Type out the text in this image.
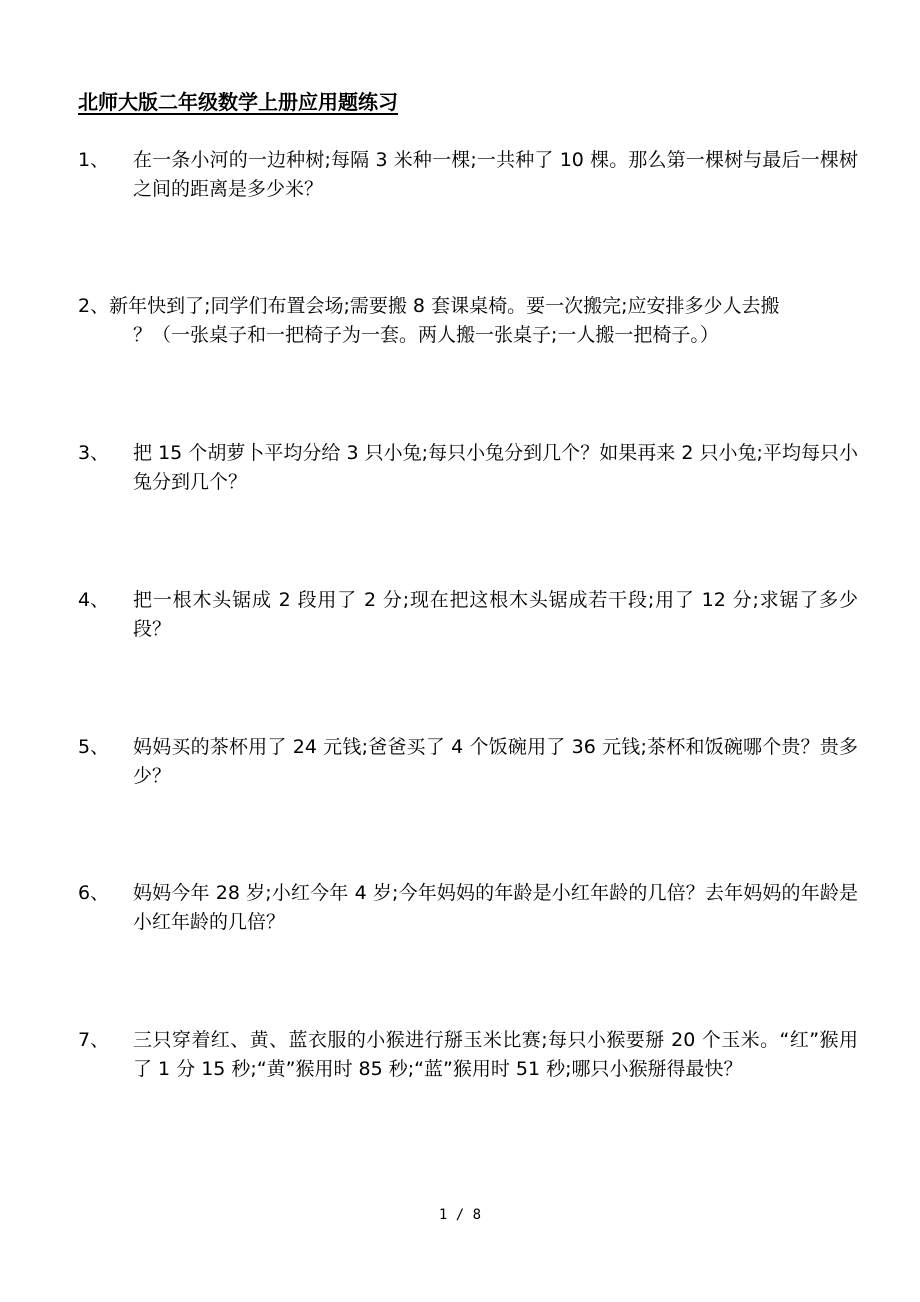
北师大版二年级数学上册应用题练习
1、 在一条小河的一边种树;每隔 3 米种一棵;一共种了 10 棵。那么第一棵树与最后一棵树之间的距离是多少米？
2、新年快到了;同学们布置会场;需要搬 8 套课桌椅。要一次搬完;应安排多少人去搬
？（一张桌子和一把椅子为一套。两人搬一张桌子;一人搬一把椅子。）
3、 把 15 个胡萝卜平均分给 3 只小兔;每只小兔分到几个？如果再来 2 只小兔;平均每只小兔分到几个？
4、 把一根木头锯成 2 段用了 2 分;现在把这根木头锯成若干段;用了 12 分;求锯了多少段？
5、 妈妈买的茶杯用了 24 元钱;爸爸买了 4 个饭碗用了 36 元钱;茶杯和饭碗哪个贵？贵多少？
6、 妈妈今年 28 岁;小红今年 4 岁;今年妈妈的年龄是小红年龄的几倍？去年妈妈的年龄是小红年龄的几倍？
7、 三只穿着红、黄、蓝衣服的小猴进行掰玉米比赛;每只小猴要掰 20 个玉米。“红”猴用了 1 分 15 秒;“黄”猴用时 85 秒;“蓝”猴用时 51 秒;哪只小猴掰得最快？
1 / 8
